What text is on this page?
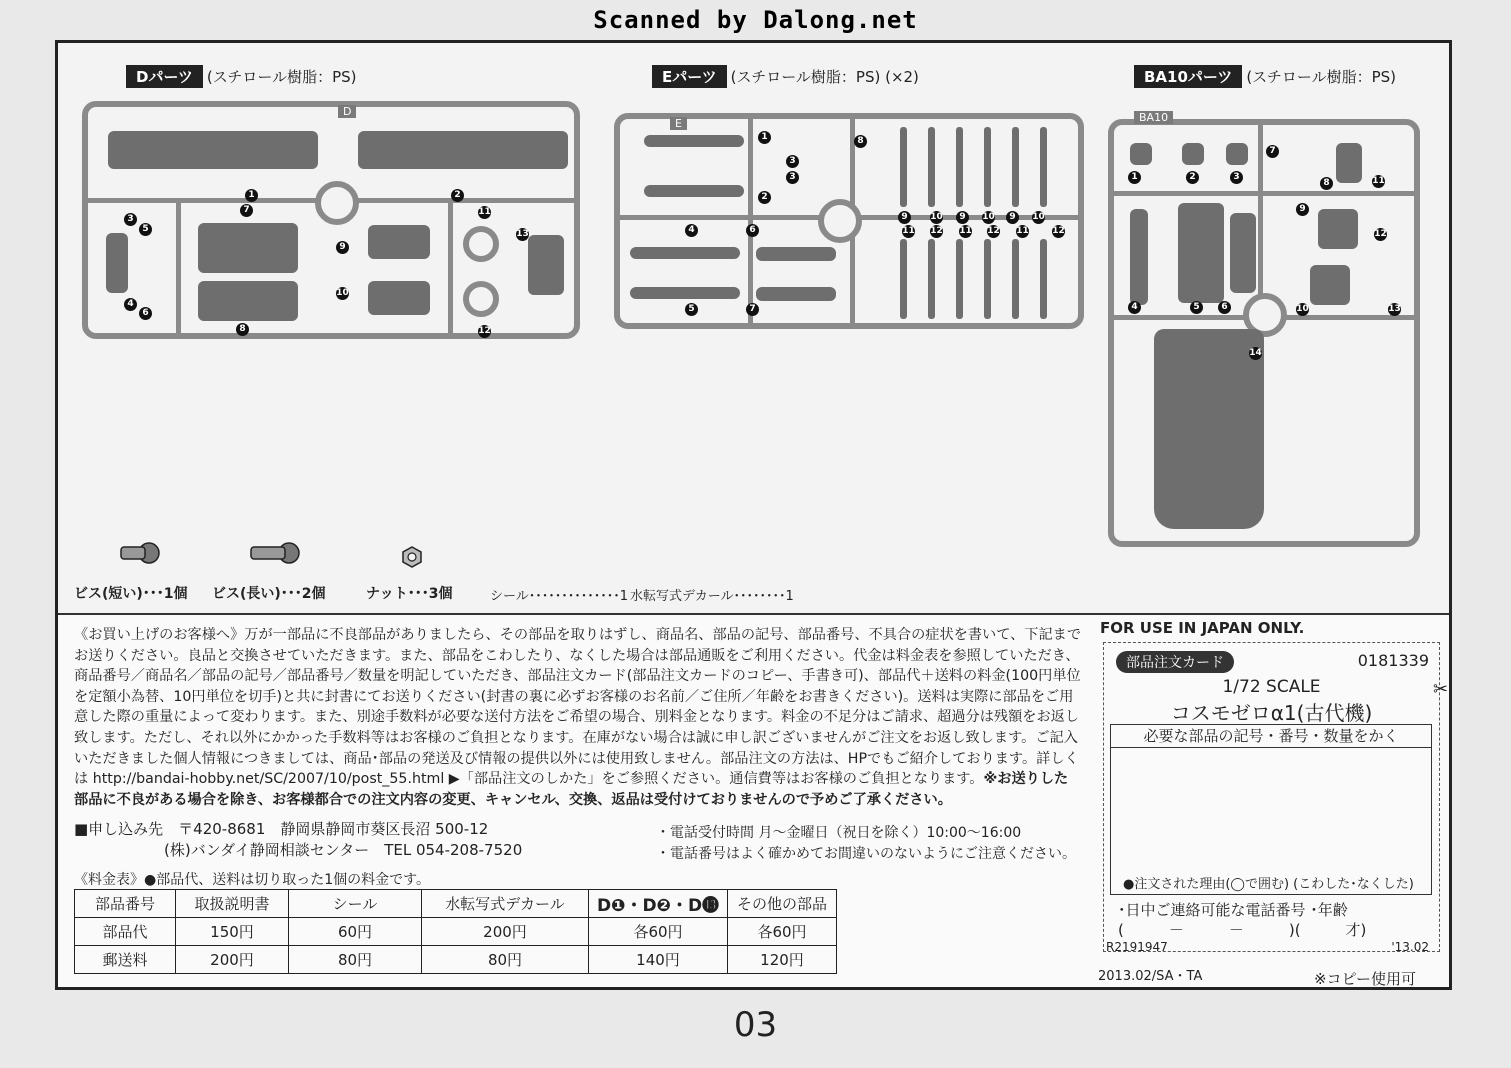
Scanned by Dalong.net
Dパーツ (スチロール樹脂：PS)
D
1	2
3
4
5
6
7
8
9
10
11
12
13
Eパーツ (スチロール樹脂：PS) (×2)
E
1
2
3
3
4
5
6
7
8
9	10	9	10	9	10
11 12 11 12 11	12
BA10パーツ (スチロール樹脂：PS)
BA10
1	2	3
4	5	6
7
8
9
10
11
12
13
14
ビス(短い)･･･1個 ビス(長い)･･･2個	ナット･･･3個	シール･･････････････1 水転写式デカール････････1
《お買い上げのお客様へ》万が一部品に不良部品がありましたら、その部品を取りはずし、商品名、部品の記号、部品番号、不具合の症状を書いて、下記までお送りください。良品と交換させていただきます。また、部品をこわしたり、なくした場合は部品通販をご利用ください。代金は料金表を参照していただき、商品番号／商品名／部品の記号／部品番号／数量を明記していただき、部品注文カード(部品注文カードのコピー、手書き可)、部品代＋送料の料金(100円単位を定額小為替、10円単位を切手)と共に封書にてお送りください(封書の裏に必ずお客様のお名前／ご住所／年齢をお書きください)。送料は実際に部品をご用意した際の重量によって変わります。また、別途手数料が必要な送付方法をご希望の場合、別料金となります。料金の不足分はご請求、超過分は残額をお返し致します。ただし、それ以外にかかった手数料等はお客様のご負担となります。在庫がない場合は誠に申し訳ございませんがご注文をお返し致します。ご記入いただきました個人情報につきましては、商品･部品の発送及び情報の提供以外には使用致しません。部品注文の方法は、HPでもご紹介しております。詳しくは http://bandai-hobby.net/SC/2007/10/post_55.html ▶「部品注文のしかた」をご参照ください。通信費等はお客様のご負担となります。※お送りした部品に不良がある場合を除き、お客様都合での注文内容の変更、キャンセル、交換、返品は受付けておりませんので予めご了承ください。
■申し込み先　〒420-8681　静岡県静岡市葵区長沼 500-12
　　　　　　(株)バンダイ静岡相談センター　TEL 054-208-7520
・電話受付時間 月～金曜日（祝日を除く）10:00～16:00
・電話番号はよく確かめてお間違いのないようにご注意ください。
《料金表》●部品代、送料は切り取った1個の料金です。
部品番号	取扱説明書	シール	水転写式デカール	D❶・D❷・D⓭	その他の部品
部品代	150円	60円	200円	各60円	各60円
郵送料	200円	80円	80円	140円	120円
FOR USE IN JAPAN ONLY.
部品注文カード	0181339
1/72 SCALE
コスモゼロα1(古代機)
必要な部品の記号・番号・数量をかく
●注文された理由(◯で囲む) (こわした･なくした)
･日中ご連絡可能な電話番号 ･年齢
(　　　－　　　－　　　)(　　　才)
R2191947	'13.02
✂
2013.02/SA・TA	※コピー使用可
03
